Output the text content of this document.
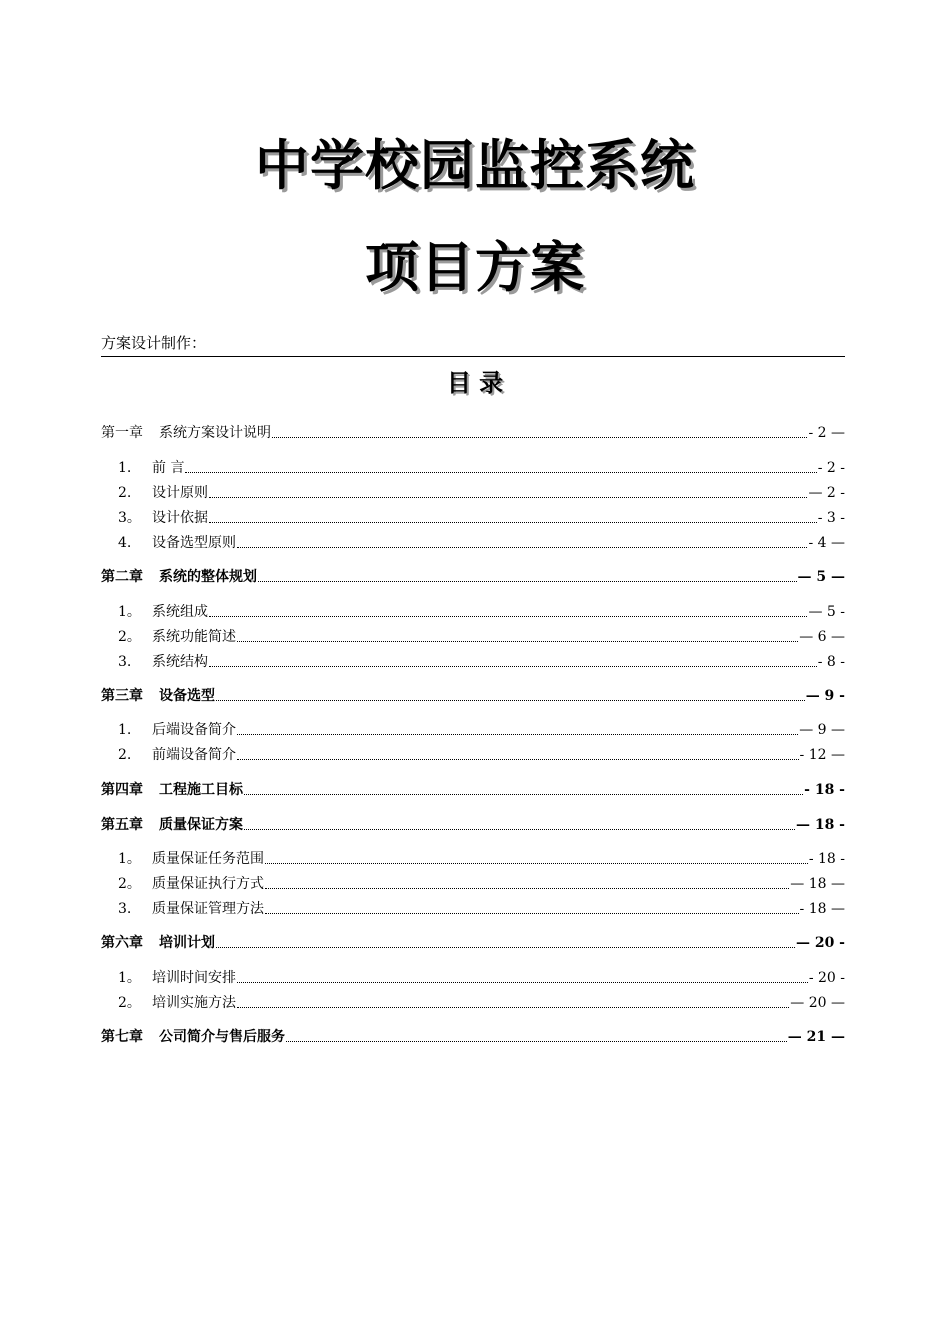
中学校园监控系统
项目方案
方案设计制作：
目 录
第一章	系统方案设计说明	- 2 —
1.	前 言	- 2 -
2.	设计原则	— 2 -
3。 设计依据	- 3 -
4.	设备选型原则	- 4 —
第二章	系统的整体规划	— 5 —
1。 系统组成	— 5 -
2。 系统功能简述	— 6 —
3.	系统结构	- 8 -
第三章	设备选型	— 9 -
1.	后端设备简介	— 9 —
2.	前端设备简介	- 12 —
第四章	工程施工目标	- 18 -
第五章	质量保证方案	— 18 -
1。 质量保证任务范围	- 18 -
2。 质量保证执行方式	— 18 —
3.	质量保证管理方法	- 18 —
第六章	培训计划	— 20 -
1。 培训时间安排	- 20 -
2。 培训实施方法	— 20 —
第七章	公司简介与售后服务	— 21 —
